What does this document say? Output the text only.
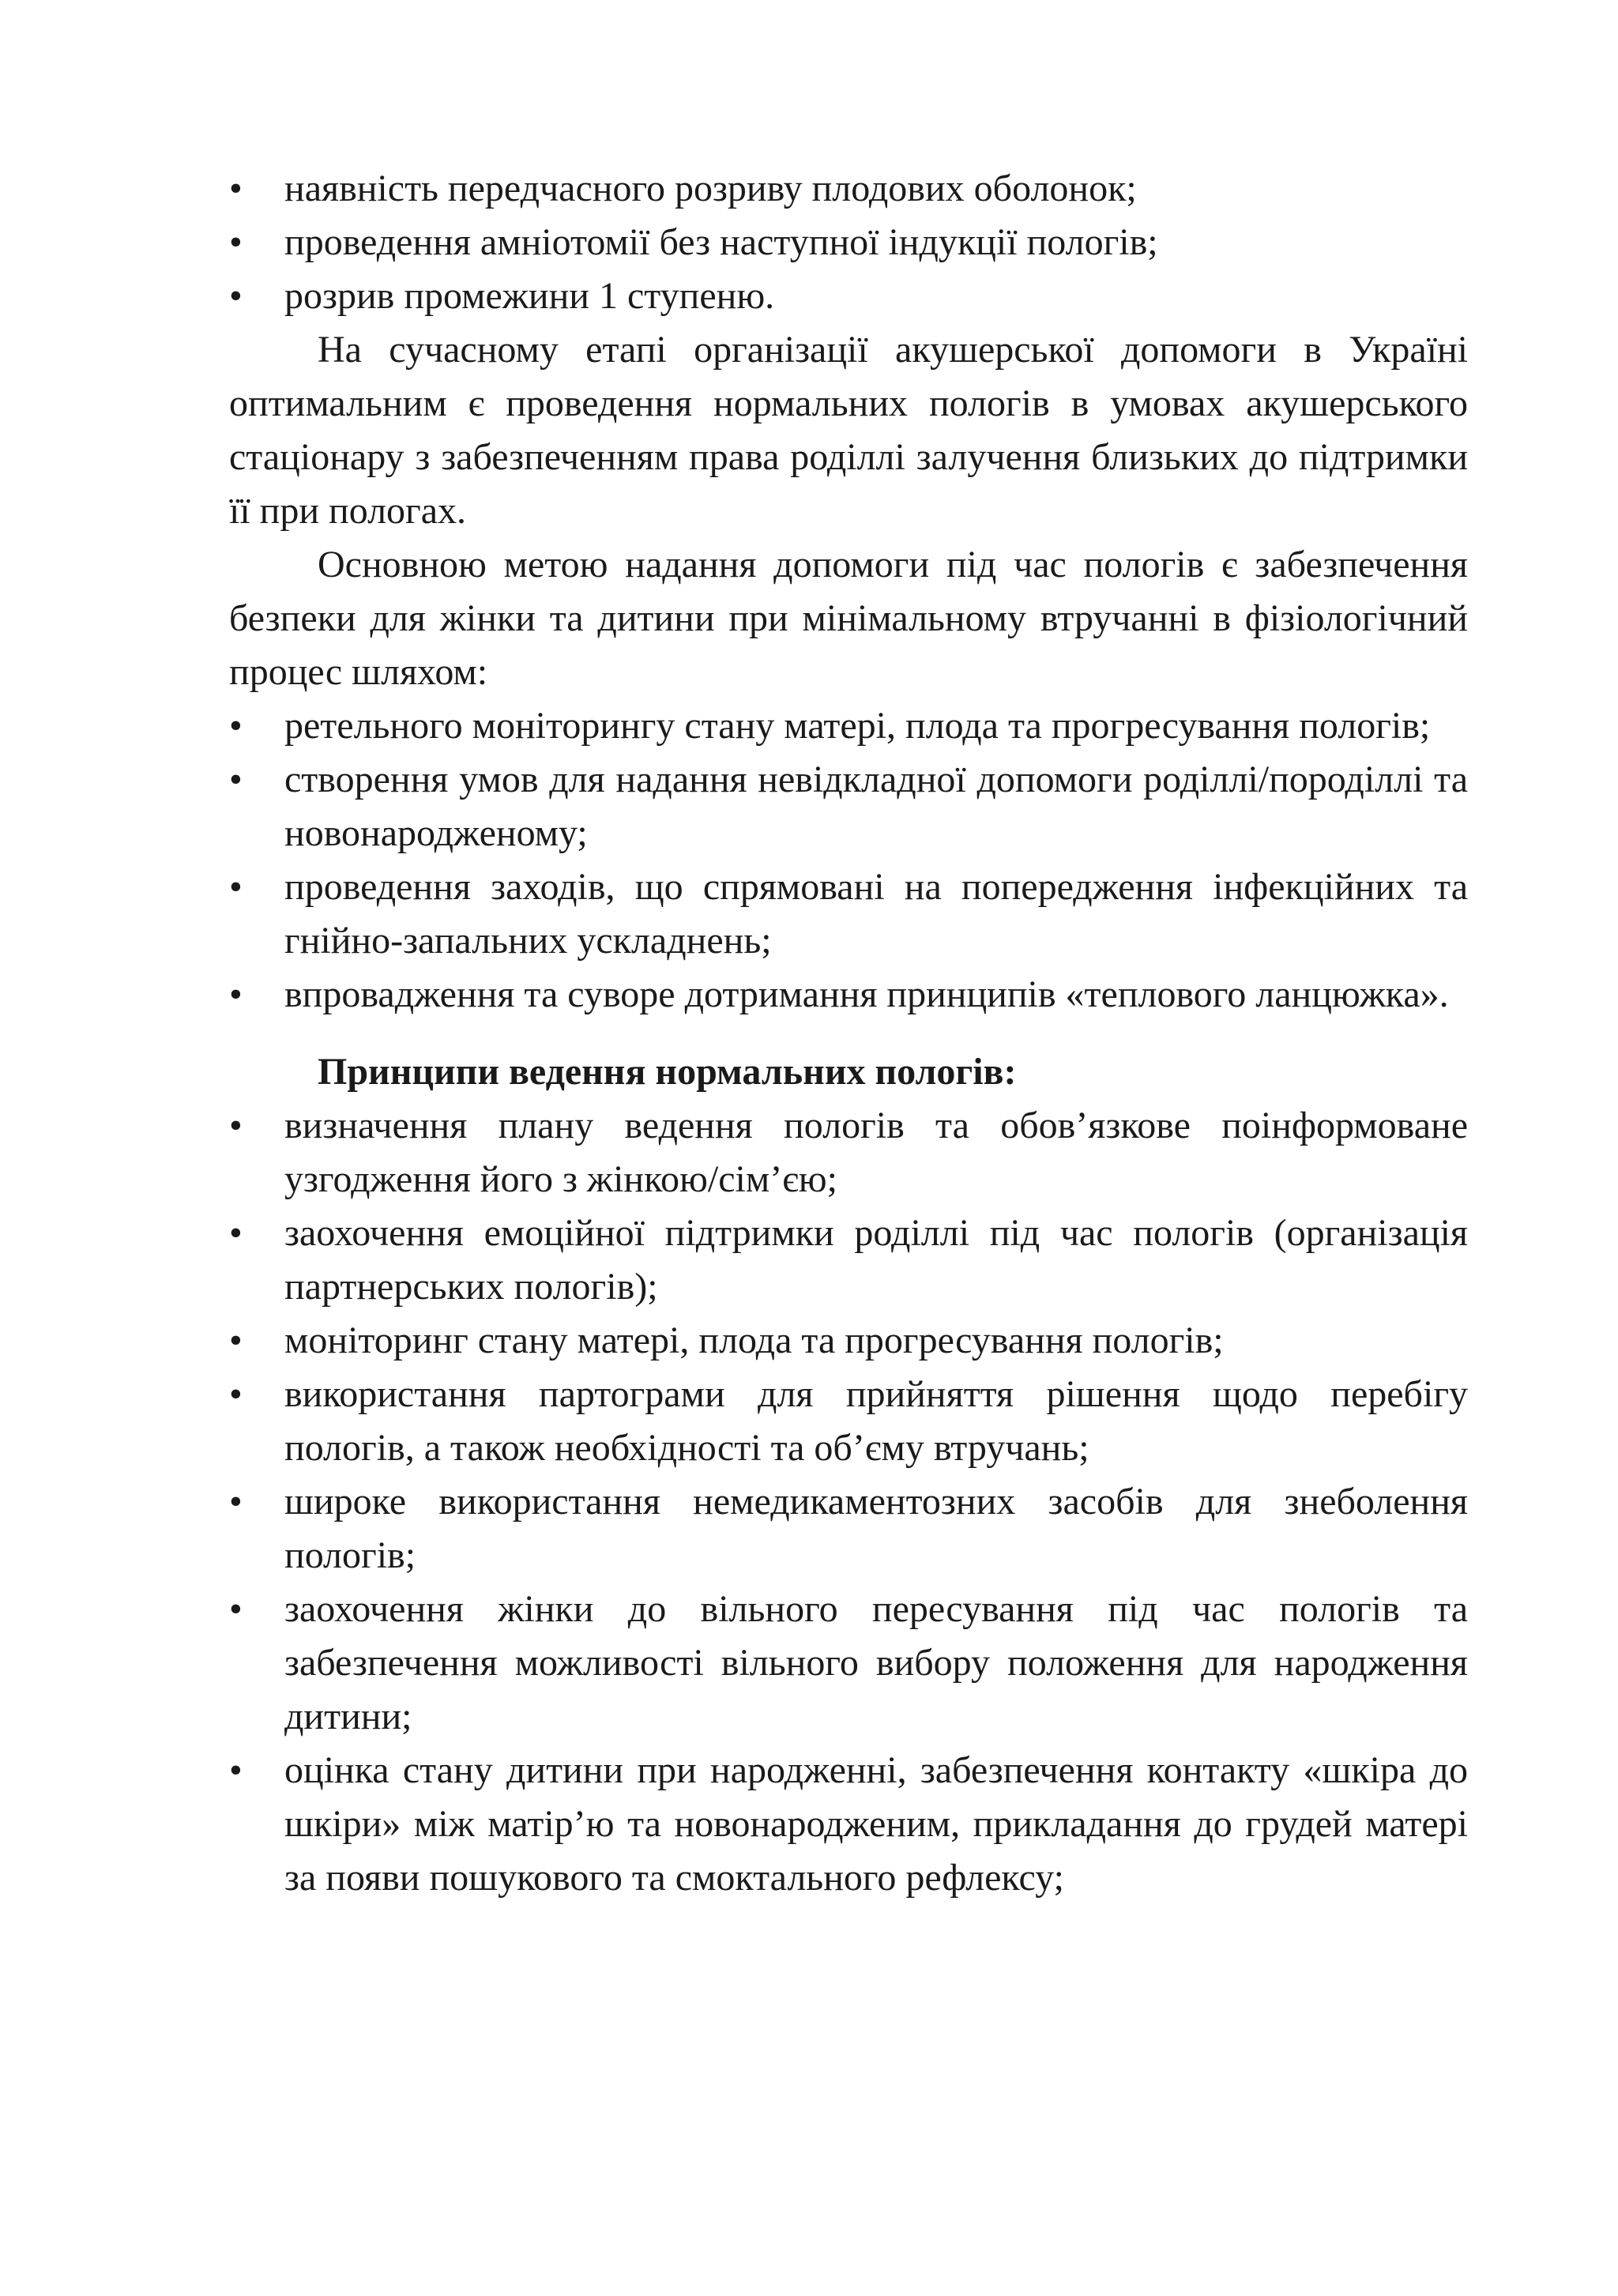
• наявність передчасного розриву плодових оболонок;
• проведення амніотомії без наступної індукції пологів;
• розрив промежини 1 ступеню.

На сучасному етапі організації акушерської допомоги в Україні оптимальним є проведення нормальних пологів в умовах акушерського стаціонару з забезпеченням права роділлі залучення близьких до підтримки її при пологах.

Основною метою надання допомоги під час пологів є забезпечення безпеки для жінки та дитини при мінімальному втручанні в фізіологічний процес шляхом:

• ретельного моніторингу стану матері, плода та прогресування пологів;
• створення умов для надання невідкладної допомоги роділлі/породіллі та новонародженому;
• проведення заходів, що спрямовані на попередження інфекційних та гнійно-запальних ускладнень;
• впровадження та суворе дотримання принципів «теплового ланцюжка».
Принципи ведення нормальних пологів:
• визначення плану ведення пологів та обов’язкове поінформоване узгодження його з жінкою/сім’єю;
• заохочення емоційної підтримки роділлі під час пологів (організація партнерських пологів);
• моніторинг стану матері, плода та прогресування пологів;
• використання партограми для прийняття рішення щодо перебігу пологів, а також необхідності та об’єму втручань;
• широке використання немедикаментозних засобів для знеболення пологів;
• заохочення жінки до вільного пересування під час пологів та забезпечення можливості вільного вибору положення для народження дитини;
• оцінка стану дитини при народженні, забезпечення контакту «шкіра до шкіри» між матір’ю та новонародженим, прикладання до грудей матері за появи пошукового та смоктального рефлексу;
